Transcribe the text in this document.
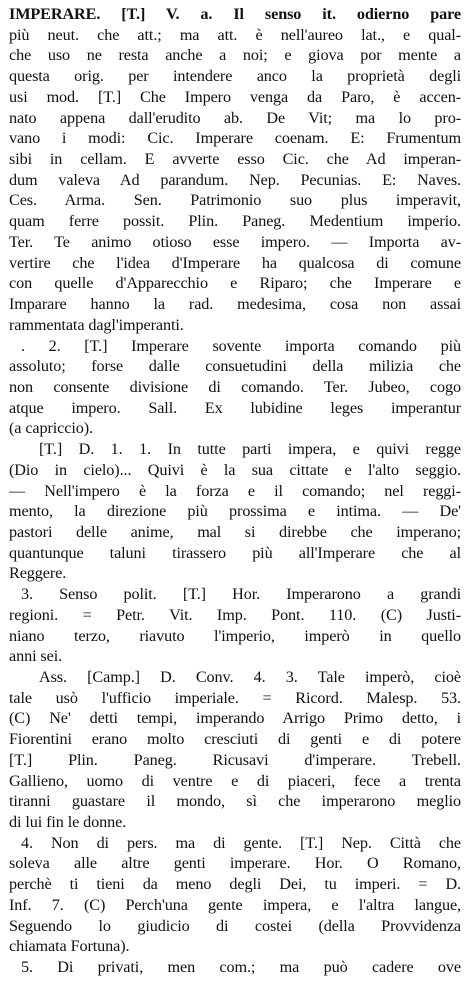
IMPERARE. [T.] V. a. Il senso it. odierno pare
più neut. che att.; ma att. è nell'aureo lat., e qual-
che uso ne resta anche a noi; e giova por mente a
questa orig. per intendere anco la proprietà degli
usi mod. [T.] Che Impero venga da Paro, è accen-
nato appena dall'erudito ab. De Vit; ma lo pro-
vano i modi: Cic. Imperare coenam. E: Frumentum
sibi in cellam. E avverte esso Cic. che Ad imperan-
dum valeva Ad parandum. Nep. Pecunias. E: Naves.
Ces. Arma. Sen. Patrimonio suo plus imperavit,
quam ferre possit. Plin. Paneg. Medentium imperio.
Ter. Te animo otioso esse impero. — Importa av-
vertire che l'idea d'Imperare ha qualcosa di comune
con quelle d'Apparecchio e Riparo; che Imperare e
Imparare hanno la rad. medesima, cosa non assai
rammentata dagl'imperanti.
. 2. [T.] Imperare sovente importa comando più
assoluto; forse dalle consuetudini della milizia che
non consente divisione di comando. Ter. Jubeo, cogo
atque impero. Sall. Ex lubidine leges imperantur
(a capriccio).
[T.] D. 1. 1. In tutte parti impera, e quivi regge
(Dio in cielo)... Quivi è la sua cittate e l'alto seggio.
— Nell'impero è la forza e il comando; nel reggi-
mento, la direzione più prossima e intima. — De'
pastori delle anime, mal si direbbe che imperano;
quantunque taluni tirassero più all'Imperare che al
Reggere.
3. Senso polit. [T.] Hor. Imperarono a grandi
regioni. = Petr. Vit. Imp. Pont. 110. (C) Justi-
niano terzo, riavuto l'imperio, imperò in quello
anni sei.
Ass. [Camp.] D. Conv. 4. 3. Tale imperò, cioè
tale usò l'ufficio imperiale. = Ricord. Malesp. 53.
(C) Ne' detti tempi, imperando Arrigo Primo detto, i
Fiorentini erano molto cresciuti di genti e di potere
[T.] Plin. Paneg. Ricusavi d'imperare. Trebell.
Gallieno, uomo di ventre e di piaceri, fece a trenta
tiranni guastare il mondo, sì che imperarono meglio
di lui fin le donne.
4. Non di pers. ma di gente. [T.] Nep. Città che
soleva alle altre genti imperare. Hor. O Romano,
perchè ti tieni da meno degli Dei, tu imperi. = D.
Inf. 7. (C) Perch'una gente impera, e l'altra langue,
Seguendo lo giudicio di costei (della Provvidenza
chiamata Fortuna).
5. Di privati, men com.; ma può cadere ove
